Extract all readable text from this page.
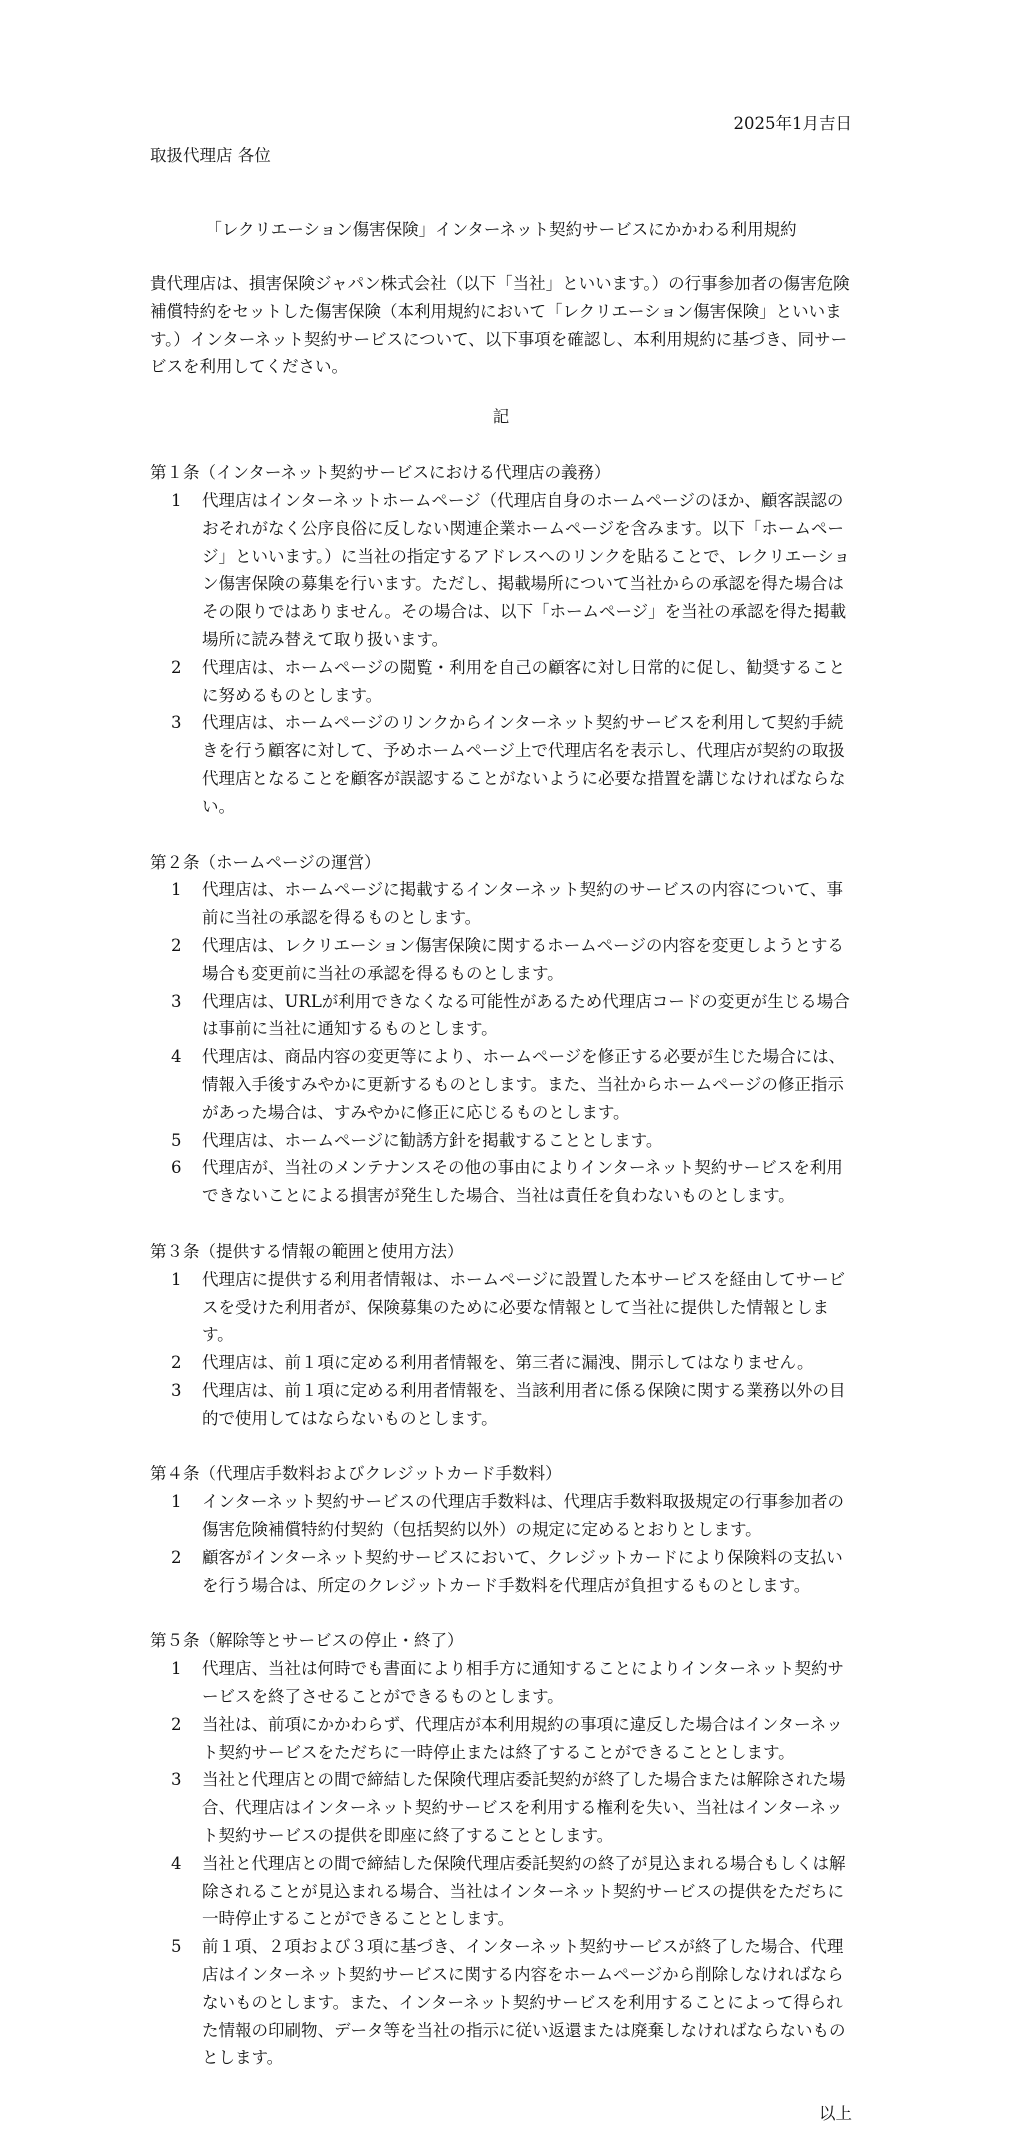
2025年1月吉日
取扱代理店 各位
「レクリエーション傷害保険」インターネット契約サービスにかかわる利用規約
貴代理店は、損害保険ジャパン株式会社（以下「当社」といいます。）の行事参加者の傷害危険補償特約をセットした傷害保険（本利用規約において「レクリエーション傷害保険」といいます。）インターネット契約サービスについて、以下事項を確認し、本利用規約に基づき、同サービスを利用してください。
記
第１条（インターネット契約サービスにおける代理店の義務）
1	代理店はインターネットホームページ（代理店自身のホームページのほか、顧客誤認のおそれがなく公序良俗に反しない関連企業ホームページを含みます。以下「ホームページ」といいます。）に当社の指定するアドレスへのリンクを貼ることで、レクリエーション傷害保険の募集を行います。ただし、掲載場所について当社からの承認を得た場合はその限りではありません。その場合は、以下「ホームページ」を当社の承認を得た掲載場所に読み替えて取り扱います。
2	代理店は、ホームページの閲覧・利用を自己の顧客に対し日常的に促し、勧奨することに努めるものとします。
3	代理店は、ホームページのリンクからインターネット契約サービスを利用して契約手続きを行う顧客に対して、予めホームページ上で代理店名を表示し、代理店が契約の取扱代理店となることを顧客が誤認することがないように必要な措置を講じなければならない。
第２条（ホームページの運営）
1	代理店は、ホームページに掲載するインターネット契約のサービスの内容について、事前に当社の承認を得るものとします。
2	代理店は、レクリエーション傷害保険に関するホームページの内容を変更しようとする場合も変更前に当社の承認を得るものとします。
3	代理店は、URLが利用できなくなる可能性があるため代理店コードの変更が生じる場合は事前に当社に通知するものとします。
4	代理店は、商品内容の変更等により、ホームページを修正する必要が生じた場合には、情報入手後すみやかに更新するものとします。また、当社からホームページの修正指示があった場合は、すみやかに修正に応じるものとします。
5	代理店は、ホームページに勧誘方針を掲載することとします。
6	代理店が、当社のメンテナンスその他の事由によりインターネット契約サービスを利用できないことによる損害が発生した場合、当社は責任を負わないものとします。
第３条（提供する情報の範囲と使用方法）
1	代理店に提供する利用者情報は、ホームページに設置した本サービスを経由してサービスを受けた利用者が、保険募集のために必要な情報として当社に提供した情報とします。
2	代理店は、前１項に定める利用者情報を、第三者に漏洩、開示してはなりません。
3	代理店は、前１項に定める利用者情報を、当該利用者に係る保険に関する業務以外の目的で使用してはならないものとします。
第４条（代理店手数料およびクレジットカード手数料）
1	インターネット契約サービスの代理店手数料は、代理店手数料取扱規定の行事参加者の傷害危険補償特約付契約（包括契約以外）の規定に定めるとおりとします。
2	顧客がインターネット契約サービスにおいて、クレジットカードにより保険料の支払いを行う場合は、所定のクレジットカード手数料を代理店が負担するものとします。
第５条（解除等とサービスの停止・終了）
1	代理店、当社は何時でも書面により相手方に通知することによりインターネット契約サービスを終了させることができるものとします。
2	当社は、前項にかかわらず、代理店が本利用規約の事項に違反した場合はインターネット契約サービスをただちに一時停止または終了することができることとします。
3	当社と代理店との間で締結した保険代理店委託契約が終了した場合または解除された場合、代理店はインターネット契約サービスを利用する権利を失い、当社はインターネット契約サービスの提供を即座に終了することとします。
4	当社と代理店との間で締結した保険代理店委託契約の終了が見込まれる場合もしくは解除されることが見込まれる場合、当社はインターネット契約サービスの提供をただちに一時停止することができることとします。
5	前１項、２項および３項に基づき、インターネット契約サービスが終了した場合、代理店はインターネット契約サービスに関する内容をホームページから削除しなければならないものとします。また、インターネット契約サービスを利用することによって得られた情報の印刷物、データ等を当社の指示に従い返還または廃棄しなければならないものとします。
以上
